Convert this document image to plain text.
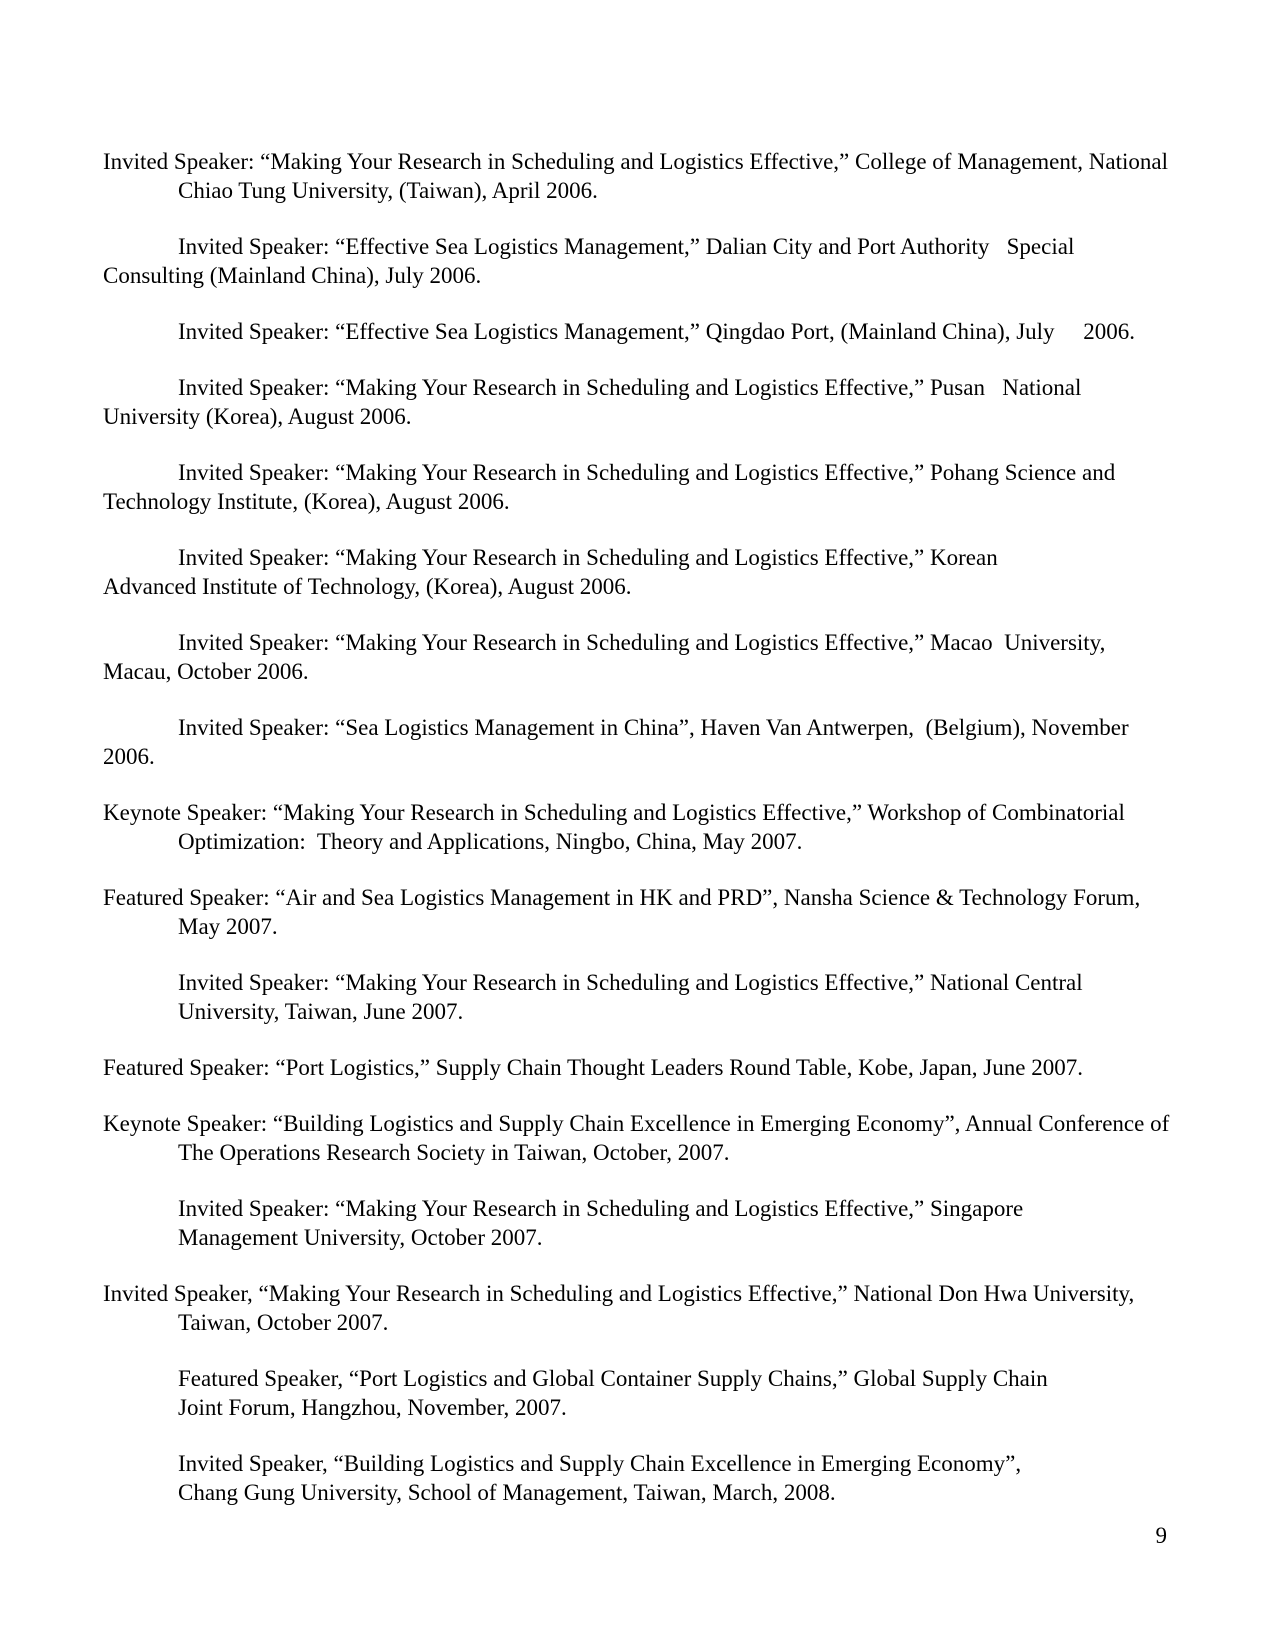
Invited Speaker: “Making Your Research in Scheduling and Logistics Effective,” College of Management, National
Chiao Tung University, (Taiwan), April 2006.

Invited Speaker: “Effective Sea Logistics Management,” Dalian City and Port Authority   Special
Consulting (Mainland China), July 2006.

Invited Speaker: “Effective Sea Logistics Management,” Qingdao Port, (Mainland China), July     2006.

Invited Speaker: “Making Your Research in Scheduling and Logistics Effective,” Pusan   National
University (Korea), August 2006.

Invited Speaker: “Making Your Research in Scheduling and Logistics Effective,” Pohang Science and
Technology Institute, (Korea), August 2006.

Invited Speaker: “Making Your Research in Scheduling and Logistics Effective,” Korean
Advanced Institute of Technology, (Korea), August 2006.

Invited Speaker: “Making Your Research in Scheduling and Logistics Effective,” Macao  University,
Macau, October 2006.

Invited Speaker: “Sea Logistics Management in China”, Haven Van Antwerpen,  (Belgium), November
2006.

Keynote Speaker: “Making Your Research in Scheduling and Logistics Effective,” Workshop of Combinatorial
Optimization:  Theory and Applications, Ningbo, China, May 2007.

Featured Speaker: “Air and Sea Logistics Management in HK and PRD”, Nansha Science & Technology Forum,
May 2007.

Invited Speaker: “Making Your Research in Scheduling and Logistics Effective,” National Central
University, Taiwan, June 2007.

Featured Speaker: “Port Logistics,” Supply Chain Thought Leaders Round Table, Kobe, Japan, June 2007.

Keynote Speaker: “Building Logistics and Supply Chain Excellence in Emerging Economy”, Annual Conference of
The Operations Research Society in Taiwan, October, 2007.

Invited Speaker: “Making Your Research in Scheduling and Logistics Effective,” Singapore
Management University, October 2007.

Invited Speaker, “Making Your Research in Scheduling and Logistics Effective,” National Don Hwa University,
Taiwan, October 2007.

Featured Speaker, “Port Logistics and Global Container Supply Chains,” Global Supply Chain
Joint Forum, Hangzhou, November, 2007.

Invited Speaker, “Building Logistics and Supply Chain Excellence in Emerging Economy”,
Chang Gung University, School of Management, Taiwan, March, 2008.

9
